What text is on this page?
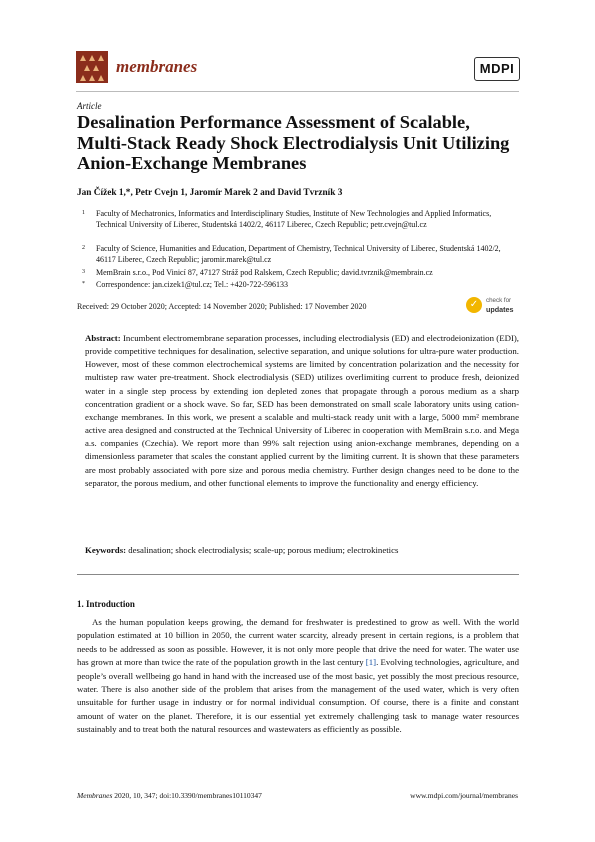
membranes	MDPI
Article
Desalination Performance Assessment of Scalable, Multi-Stack Ready Shock Electrodialysis Unit Utilizing Anion-Exchange Membranes
Jan Čížek 1,*, Petr Cvejn 1, Jaromír Marek 2 and David Tvrzník 3
1 Faculty of Mechatronics, Informatics and Interdisciplinary Studies, Institute of New Technologies and Applied Informatics, Technical University of Liberec, Studentská 1402/2, 46117 Liberec, Czech Republic; petr.cvejn@tul.cz
2 Faculty of Science, Humanities and Education, Department of Chemistry, Technical University of Liberec, Studentská 1402/2, 46117 Liberec, Czech Republic; jaromir.marek@tul.cz
3 MemBrain s.r.o., Pod Vinicí 87, 47127 Stráž pod Ralskem, Czech Republic; david.tvrznik@membrain.cz
* Correspondence: jan.cizek1@tul.cz; Tel.: +420-722-596133
Received: 29 October 2020; Accepted: 14 November 2020; Published: 17 November 2020	✓	check for
updates
Abstract: Incumbent electromembrane separation processes, including electrodialysis (ED) and electrodeionization (EDI), provide competitive techniques for desalination, selective separation, and unique solutions for ultra-pure water production. However, most of these common electrochemical systems are limited by concentration polarization and the necessity for multistep raw water pre-treatment. Shock electrodialysis (SED) utilizes overlimiting current to produce fresh, deionized water in a single step process by extending ion depleted zones that propagate through a porous medium as a sharp concentration gradient or a shock wave. So far, SED has been demonstrated on small scale laboratory units using cation-exchange membranes. In this work, we present a scalable and multi-stack ready unit with a large, 5000 mm² membrane active area designed and constructed at the Technical University of Liberec in cooperation with MemBrain s.r.o. and Mega a.s. companies (Czechia). We report more than 99% salt rejection using anion-exchange membranes, depending on a dimensionless parameter that scales the constant applied current by the limiting current. It is shown that these parameters are most probably associated with pore size and porous media chemistry. Further design changes need to be done to the separator, the porous medium, and other functional elements to improve the functionality and energy efficiency.
Keywords: desalination; shock electrodialysis; scale-up; porous medium; electrokinetics
1. Introduction
As the human population keeps growing, the demand for freshwater is predestined to grow as well. With the world population estimated at 10 billion in 2050, the current water scarcity, already present in certain regions, is a problem that needs to be addressed as soon as possible. However, it is not only more people that drive the need for water. The water use has grown at more than twice the rate of the population growth in the last century [1]. Evolving technologies, agriculture, and people’s overall wellbeing go hand in hand with the increased use of the most basic, yet possibly the most precious resource, water. There is also another side of the problem that arises from the management of the used water, which is very often unsuitable for further usage in industry or for normal individual consumption. Of course, there is a finite and constant amount of water on the planet. Therefore, it is our essential yet extremely challenging task to manage water resources sustainably and to treat both the natural resources and wastewaters as efficiently as possible.
Membranes 2020, 10, 347; doi:10.3390/membranes10110347	www.mdpi.com/journal/membranes
